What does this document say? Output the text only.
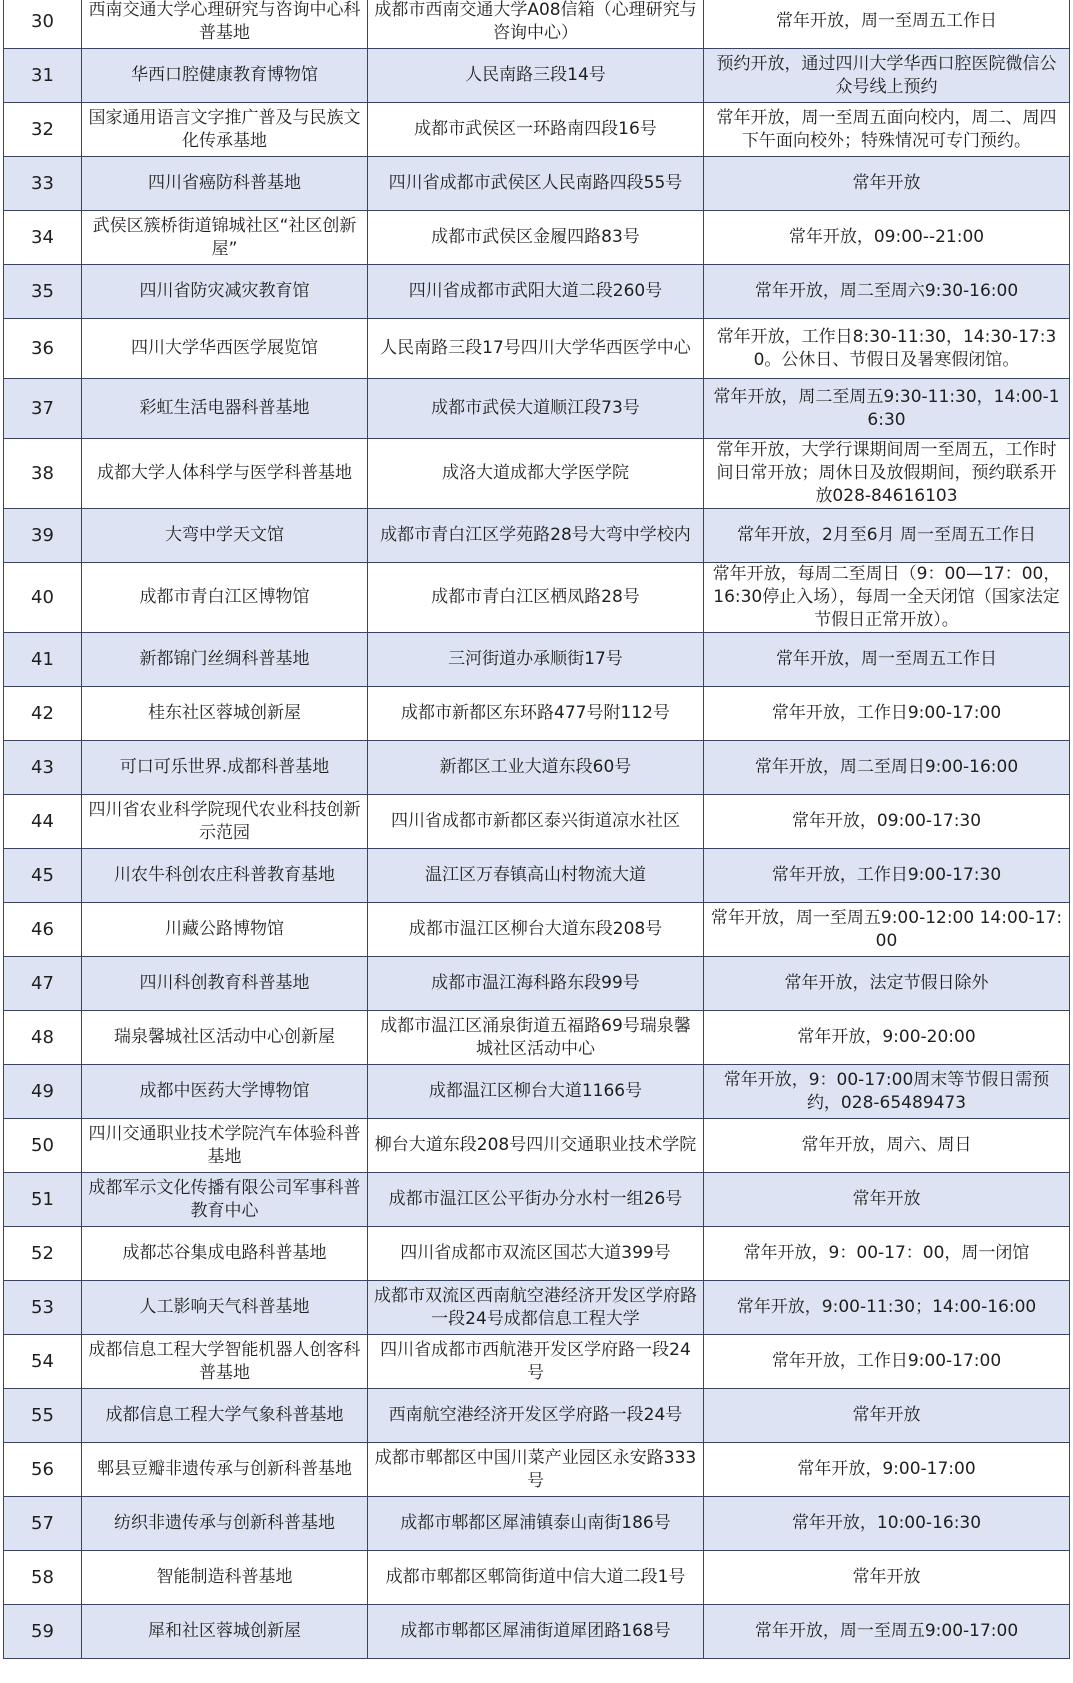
30	西南交通大学心理研究与咨询中心科普基地	成都市西南交通大学A08信箱（心理研究与咨询中心）	常年开放，周一至周五工作日
31	华西口腔健康教育博物馆	人民南路三段14号	预约开放，通过四川大学华西口腔医院微信公众号线上预约
32	国家通用语言文字推广普及与民族文化传承基地	成都市武侯区一环路南四段16号	常年开放，周一至周五面向校内，周二、周四下午面向校外；特殊情况可专门预约。
33	四川省癌防科普基地	四川省成都市武侯区人民南路四段55号	常年开放
34	武侯区簇桥街道锦城社区“社区创新屋”	成都市武侯区金履四路83号	常年开放，09:00--21:00
35	四川省防灾减灾教育馆	四川省成都市武阳大道二段260号	常年开放，周二至周六9:30-16:00
36	四川大学华西医学展览馆	人民南路三段17号四川大学华西医学中心	常年开放，工作日8:30-11:30，14:30-17:30。公休日、节假日及暑寒假闭馆。
37	彩虹生活电器科普基地	成都市武侯大道顺江段73号	常年开放，周二至周五9:30-11:30，14:00-16:30
38	成都大学人体科学与医学科普基地	成洛大道成都大学医学院	常年开放，大学行课期间周一至周五，工作时间日常开放；周休日及放假期间，预约联系开放028-84616103
39	大弯中学天文馆	成都市青白江区学苑路28号大弯中学校内	常年开放，2月至6月 周一至周五工作日
40	成都市青白江区博物馆	成都市青白江区栖凤路28号	常年开放，每周二至周日（9：00—17：00，16:30停止入场），每周一全天闭馆（国家法定节假日正常开放）。
41	新都锦门丝绸科普基地	三河街道办承顺街17号	常年开放，周一至周五工作日
42	桂东社区蓉城创新屋	成都市新都区东环路477号附112号	常年开放，工作日9:00-17:00
43	可口可乐世界.成都科普基地	新都区工业大道东段60号	常年开放，周二至周日9:00-16:00
44	四川省农业科学院现代农业科技创新示范园	四川省成都市新都区泰兴街道凉水社区	常年开放，09:00-17:30
45	川农牛科创农庄科普教育基地	温江区万春镇高山村物流大道	常年开放，工作日9:00-17:30
46	川藏公路博物馆	成都市温江区柳台大道东段208号	常年开放，周一至周五9:00-12:00 14:00-17:00
47	四川科创教育科普基地	成都市温江海科路东段99号	常年开放，法定节假日除外
48	瑞泉馨城社区活动中心创新屋	成都市温江区涌泉街道五福路69号瑞泉馨城社区活动中心	常年开放，9:00-20:00
49	成都中医药大学博物馆	成都温江区柳台大道1166号	常年开放，9：00-17:00周末等节假日需预约，028-65489473
50	四川交通职业技术学院汽车体验科普基地	柳台大道东段208号四川交通职业技术学院	常年开放，周六、周日
51	成都军示文化传播有限公司军事科普教育中心	成都市温江区公平街办分水村一组26号	常年开放
52	成都芯谷集成电路科普基地	四川省成都市双流区国芯大道399号	常年开放，9：00-17：00，周一闭馆
53	人工影响天气科普基地	成都市双流区西南航空港经济开发区学府路一段24号成都信息工程大学	常年开放，9:00-11:30；14:00-16:00
54	成都信息工程大学智能机器人创客科普基地	四川省成都市西航港开发区学府路一段24号	常年开放，工作日9:00-17:00
55	成都信息工程大学气象科普基地	西南航空港经济开发区学府路一段24号	常年开放
56	郫县豆瓣非遗传承与创新科普基地	成都市郫都区中国川菜产业园区永安路333号	常年开放，9:00-17:00
57	纺织非遗传承与创新科普基地	成都市郫都区犀浦镇泰山南街186号	常年开放，10:00-16:30
58	智能制造科普基地	成都市郫都区郫筒街道中信大道二段1号	常年开放
59	犀和社区蓉城创新屋	成都市郫都区犀浦街道犀团路168号	常年开放，周一至周五9:00-17:00
